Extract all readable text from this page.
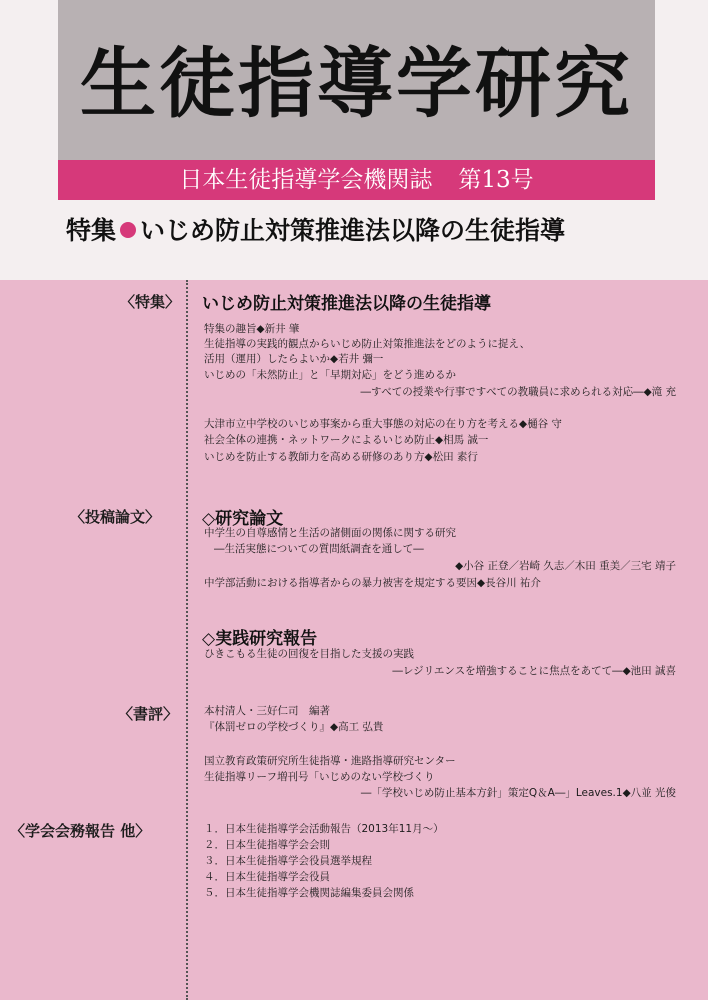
生徒指導学研究
日本生徒指導学会機関誌 第13号
特集 いじめ防止対策推進法以降の生徒指導
〈特集〉 いじめ防止対策推進法以降の生徒指導
特集の趣旨◆新井 肇
生徒指導の実践的観点からいじめ防止対策推進法をどのように捉え、
活用（運用）したらよいか◆若井 彌一
いじめの「未然防止」と「早期対応」をどう進めるか
―すべての授業や行事ですべての教職員に求められる対応―◆滝 充
大津市立中学校のいじめ事案から重大事態の対応の在り方を考える◆樋谷 守
社会全体の連携・ネットワークによるいじめ防止◆相馬 誠一
いじめを防止する教師力を高める研修のあり方◆松田 素行
〈投稿論文〉 ◇研究論文
中学生の自尊感情と生活の諸側面の関係に関する研究
―生活実態についての質問紙調査を通して―
◆小谷 正登／岩崎 久志／木田 重美／三宅 靖子
中学部活動における指導者からの暴力被害を規定する要因◆長谷川 祐介
◇実践研究報告
ひきこもる生徒の回復を目指した支援の実践
―レジリエンスを増強することに焦点をあてて―◆池田 誠喜
〈書評〉 本村清人・三好仁司　編著
『体罰ゼロの学校づくり』◆高工 弘貴
国立教育政策研究所生徒指導・進路指導研究センター
生徒指導リーフ増刊号「いじめのない学校づくり
―「学校いじめ防止基本方針」策定Q＆A―」Leaves.1◆八並 光俊
〈学会会務報告 他〉	１．日本生徒指導学会活動報告（2013年11月〜）
２．日本生徒指導学会会則
３．日本生徒指導学会役員選挙規程
４．日本生徒指導学会役員
５．日本生徒指導学会機関誌編集委員会関係
